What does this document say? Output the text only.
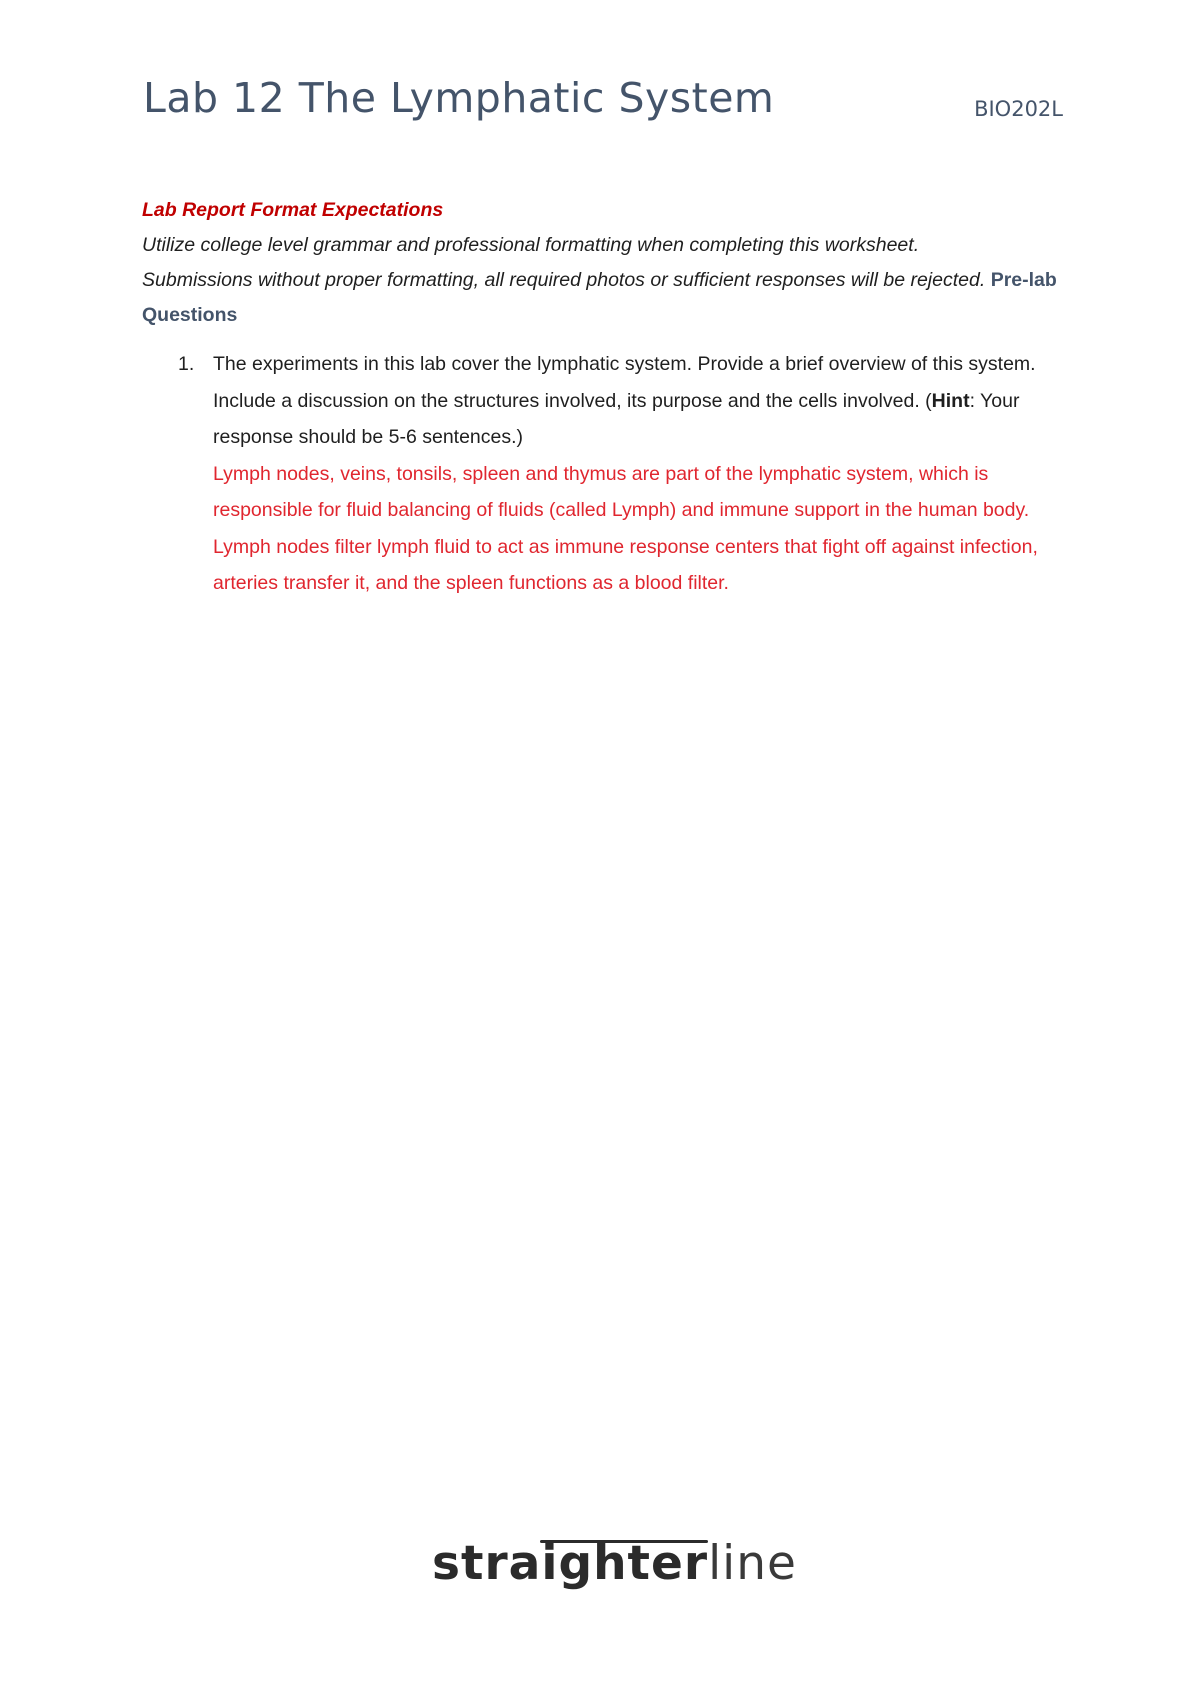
Lab 12 The Lymphatic System	BIO202L

Lab Report Format Expectations

Utilize college level grammar and professional formatting when completing this worksheet.

Submissions without proper formatting, all required photos or sufficient responses will be rejected. Pre-lab Questions

1. The experiments in this lab cover the lymphatic system. Provide a brief overview of this system. Include a discussion on the structures involved, its purpose and the cells involved. (Hint: Your response should be 5-6 sentences.)

Lymph nodes, veins, tonsils, spleen and thymus are part of the lymphatic system, which is responsible for fluid balancing of fluids (called Lymph) and immune support in the human body. Lymph nodes filter lymph fluid to act as immune response centers that fight off against infection, arteries transfer it, and the spleen functions as a blood filter.

straighterline
